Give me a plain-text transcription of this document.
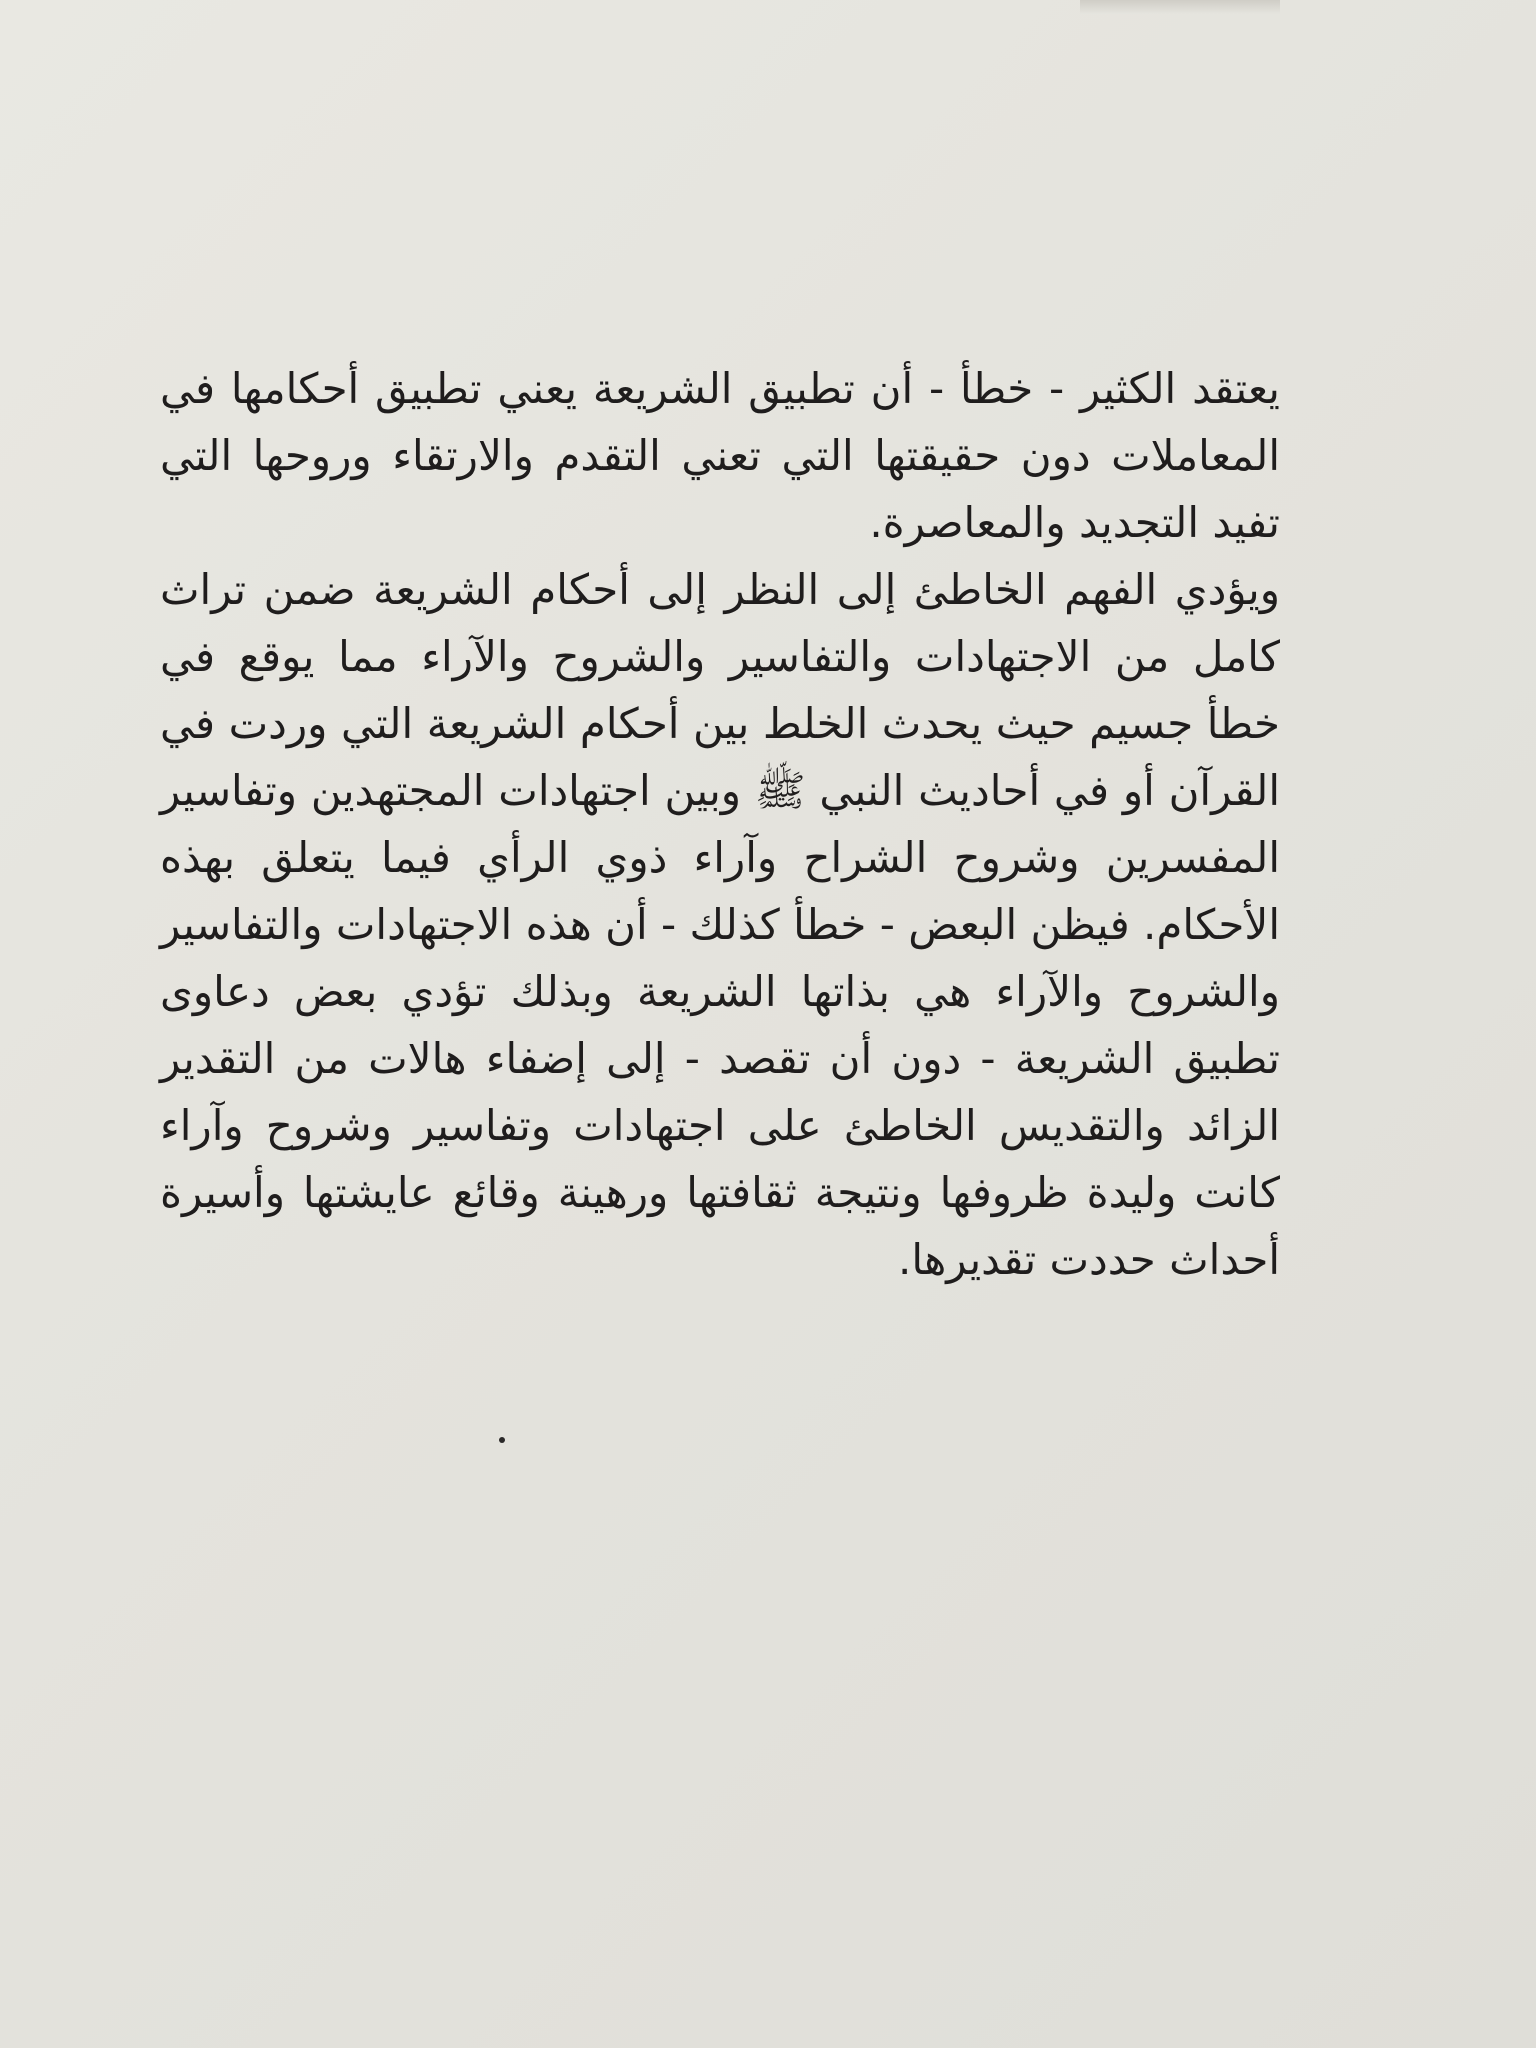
يعتقد الكثير - خطأ - أن تطبيق الشريعة يعني تطبيق أحكامها في المعاملات دون حقيقتها التي تعني التقدم والارتقاء وروحها التي تفيد التجديد والمعاصرة.

ويؤدي الفهم الخاطئ إلى النظر إلى أحكام الشريعة ضمن تراث كامل من الاجتهادات والتفاسير والشروح والآراء مما يوقع في خطأ جسيم حيث يحدث الخلط بين أحكام الشريعة التي وردت في القرآن أو في أحاديث النبي ﷺ وبين اجتهادات المجتهدين وتفاسير المفسرين وشروح الشراح وآراء ذوي الرأي فيما يتعلق بهذه الأحكام. فيظن البعض - خطأ كذلك - أن هذه الاجتهادات والتفاسير والشروح والآراء هي بذاتها الشريعة وبذلك تؤدي بعض دعاوى تطبيق الشريعة - دون أن تقصد - إلى إضفاء هالات من التقدير الزائد والتقديس الخاطئ على اجتهادات وتفاسير وشروح وآراء كانت وليدة ظروفها ونتيجة ثقافتها ورهينة وقائع عايشتها وأسيرة أحداث حددت تقديرها.
